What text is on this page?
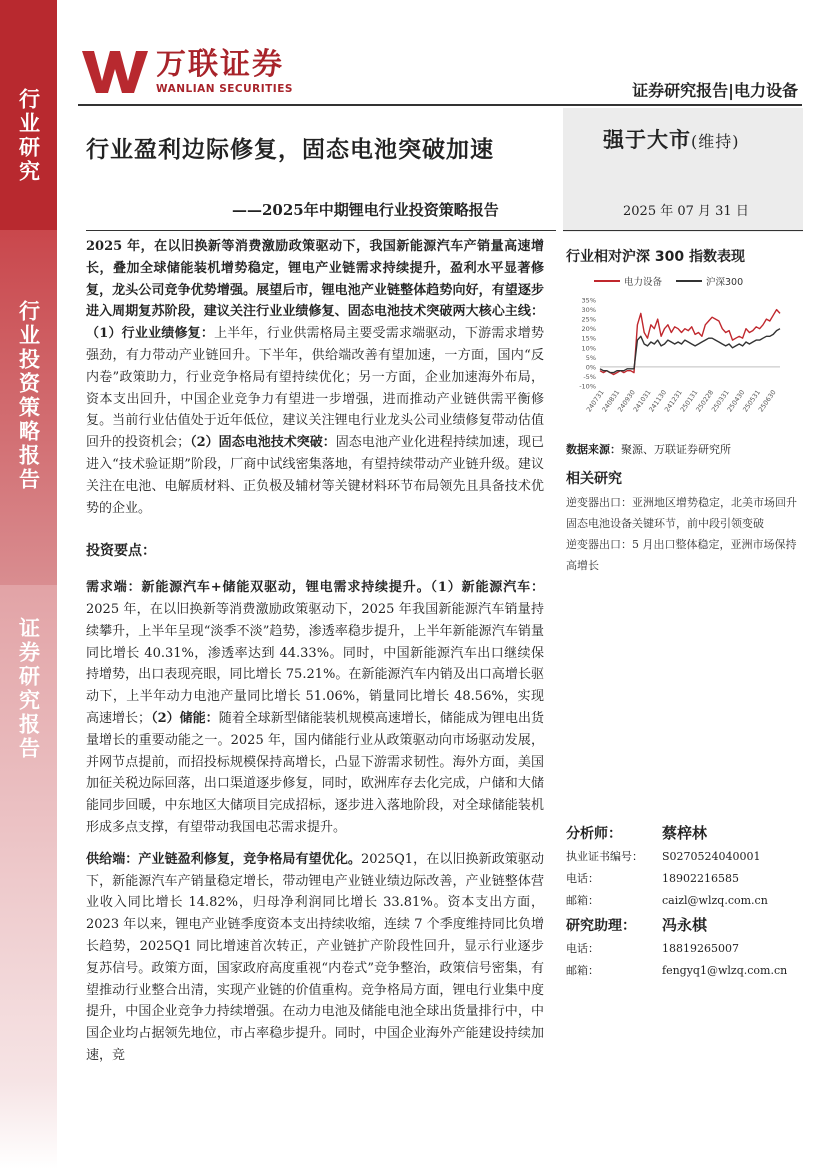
行业研究
行业投资策略报告
证券研究报告
万联证券
WANLIAN SECURITIES	证券研究报告|电力设备
行业盈利边际修复，固态电池突破加速
——2025年中期锂电行业投资策略报告
强于大市(维持)
2025 年 07 月 31 日

2025 年，在以旧换新等消费激励政策驱动下，我国新能源汽车产销量高速增长，叠加全球储能装机增势稳定，锂电产业链需求持续提升，盈利水平显著修复，龙头公司竞争优势增强。展望后市，锂电池产业链整体趋势向好，有望逐步进入周期复苏阶段，建议关注行业业绩修复、固态电池技术突破两大核心主线：（1）行业业绩修复：上半年，行业供需格局主要受需求端驱动，下游需求增势强劲，有力带动产业链回升。下半年，供给端改善有望加速，一方面，国内“反内卷”政策助力，行业竞争格局有望持续优化；另一方面，企业加速海外布局，资本支出回升，中国企业竞争力有望进一步增强，进而推动产业链供需平衡修复。当前行业估值处于近年低位，建议关注锂电行业龙头公司业绩修复带动估值回升的投资机会；（2）固态电池技术突破：固态电池产业化进程持续加速，现已进入“技术验证期”阶段，厂商中试线密集落地，有望持续带动产业链升级。建议关注在电池、电解质材料、正负极及辅材等关键材料环节布局领先且具备技术优势的企业。

投资要点：

需求端：新能源汽车+储能双驱动，锂电需求持续提升。（1）新能源汽车：2025 年，在以旧换新等消费激励政策驱动下，2025 年我国新能源汽车销量持续攀升，上半年呈现“淡季不淡”趋势，渗透率稳步提升，上半年新能源汽车销量同比增长 40.31%，渗透率达到 44.33%。同时，中国新能源汽车出口继续保持增势，出口表现亮眼，同比增长 75.21%。在新能源汽车内销及出口高增长驱动下，上半年动力电池产量同比增长 51.06%，销量同比增长 48.56%，实现高速增长；（2）储能：随着全球新型储能装机规模高速增长，储能成为锂电出货量增长的重要动能之一。2025 年，国内储能行业从政策驱动向市场驱动发展，并网节点提前，而招投标规模保持高增长，凸显下游需求韧性。海外方面，美国加征关税边际回落，出口渠道逐步修复，同时，欧洲库存去化完成，户储和大储能同步回暖，中东地区大储项目完成招标，逐步进入落地阶段，对全球储能装机形成多点支撑，有望带动我国电芯需求提升。

供给端：产业链盈利修复，竞争格局有望优化。2025Q1，在以旧换新政策驱动下，新能源汽车产销量稳定增长，带动锂电产业链业绩边际改善，产业链整体营业收入同比增长 14.82%，归母净利润同比增长 33.81%。资本支出方面，2023 年以来，锂电产业链季度资本支出持续收缩，连续 7 个季度维持同比负增长趋势，2025Q1 同比增速首次转正，产业链扩产阶段性回升，显示行业逐步复苏信号。政策方面，国家政府高度重视“内卷式”竞争整治，政策信号密集，有望推动行业整合出清，实现产业链的价值重构。竞争格局方面，锂电行业集中度提升，中国企业竞争力持续增强。在动力电池及储能电池全球出货量排行中，中国企业均占据领先地位，市占率稳步提升。同时，中国企业海外产能建设持续加速，竞

行业相对沪深 300 指数表现
电力设备	沪深300
35%
30%
25%
20%
15%
10%
5%
0%
-5%
-10%
240731
240831
240930
241031
241130
241231
250131
250228
250331
250430
250531
250630
数据来源：聚源、万联证券研究所
相关研究

逆变器出口：亚洲地区增势稳定，北美市场回升

固态电池设备关键环节，前中段引领变破

逆变器出口：5 月出口整体稳定，亚洲市场保持高增长

分析师：	蔡梓林
执业证书编号：	S0270524040001
电话：	18902216585
邮箱：	caizl@wlzq.com.cn
研究助理：	冯永棋
电话：	18819265007
邮箱：	fengyq1@wlzq.com.cn
